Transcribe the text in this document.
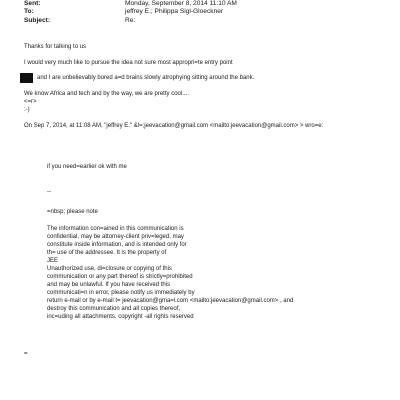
Sent:	Monday, September 8, 2014 11:10 AM
To:	jeffrey E.; Philippa Sigl-Gloeckner
Subject:	Re:
Thanks for talking to us
I would very much like to pursue the idea not sure most appropri=te entry point
and I are unbelievably bored a=d brains slowly atrophying sitting around the bank.
We know Africa and tech and by the way, we are pretty cool....
<=r>
:-)
On Sep 7, 2014, at 11:08 AM, "jeffrey E." &l=;jeevacation@gmail.com <mailto:jeevacation@gmail.com> > wro=e:
if you need=earlier ok with me
--
=nbsp; please note
The information con=ained in this communication is
confidential, may be attorney-client priv=leged, may
constitute inside information, and is intended only for
th= use of the addressee. It is the property of
JEE
Unauthorized use, di=closure or copying of this
communication or any part thereof is strictly=prohibited
and may be unlawful. If you have received this
communicati=n in error, please notify us immediately by
return e-mail or by e-mail t= jeevacation@gma=l.com <mailto:jeevacation@gmail.com> , and
destroy this communication and all copies thereof,
inc=uding all attachments. copyright -all rights reserved
=
